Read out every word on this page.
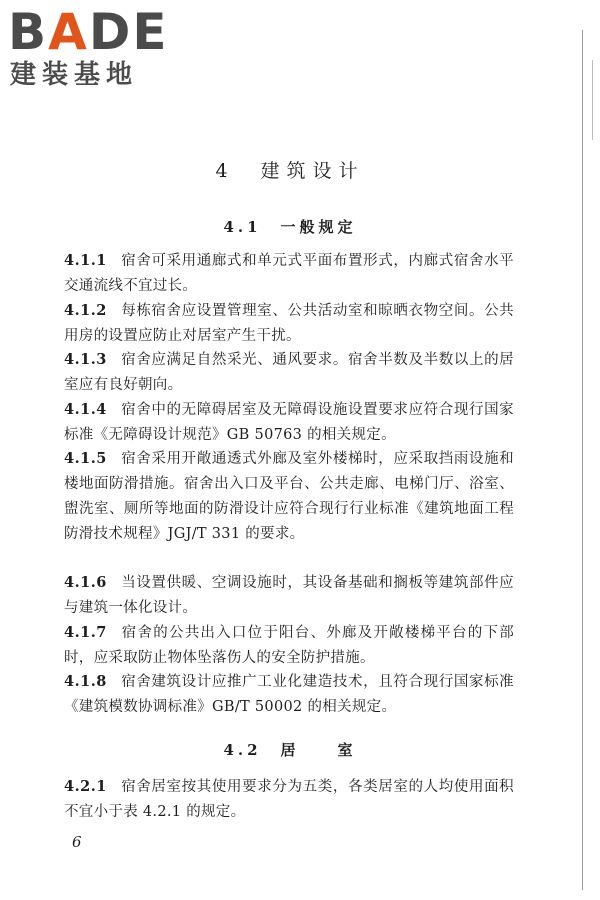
BADE
建装基地
4　建筑设计
4.1　一般规定
4.1.1 宿舍可采用通廊式和单元式平面布置形式，内廊式宿舍水平交通流线不宜过长。
4.1.2 每栋宿舍应设置管理室、公共活动室和晾晒衣物空间。公共用房的设置应防止对居室产生干扰。
4.1.3 宿舍应满足自然采光、通风要求。宿舍半数及半数以上的居室应有良好朝向。
4.1.4 宿舍中的无障碍居室及无障碍设施设置要求应符合现行国家标准《无障碍设计规范》GB 50763 的相关规定。
4.1.5 宿舍采用开敞通透式外廊及室外楼梯时，应采取挡雨设施和楼地面防滑措施。宿舍出入口及平台、公共走廊、电梯门厅、浴室、盥洗室、厕所等地面的防滑设计应符合现行行业标准《建筑地面工程防滑技术规程》JGJ/T 331 的要求。
4.1.6 当设置供暖、空调设施时，其设备基础和搁板等建筑部件应与建筑一体化设计。
4.1.7 宿舍的公共出入口位于阳台、外廊及开敞楼梯平台的下部时，应采取防止物体坠落伤人的安全防护措施。
4.1.8 宿舍建筑设计应推广工业化建造技术，且符合现行国家标准《建筑模数协调标准》GB/T 50002 的相关规定。
4.2　居　　室
4.2.1 宿舍居室按其使用要求分为五类，各类居室的人均使用面积不宜小于表 4.2.1 的规定。
6
